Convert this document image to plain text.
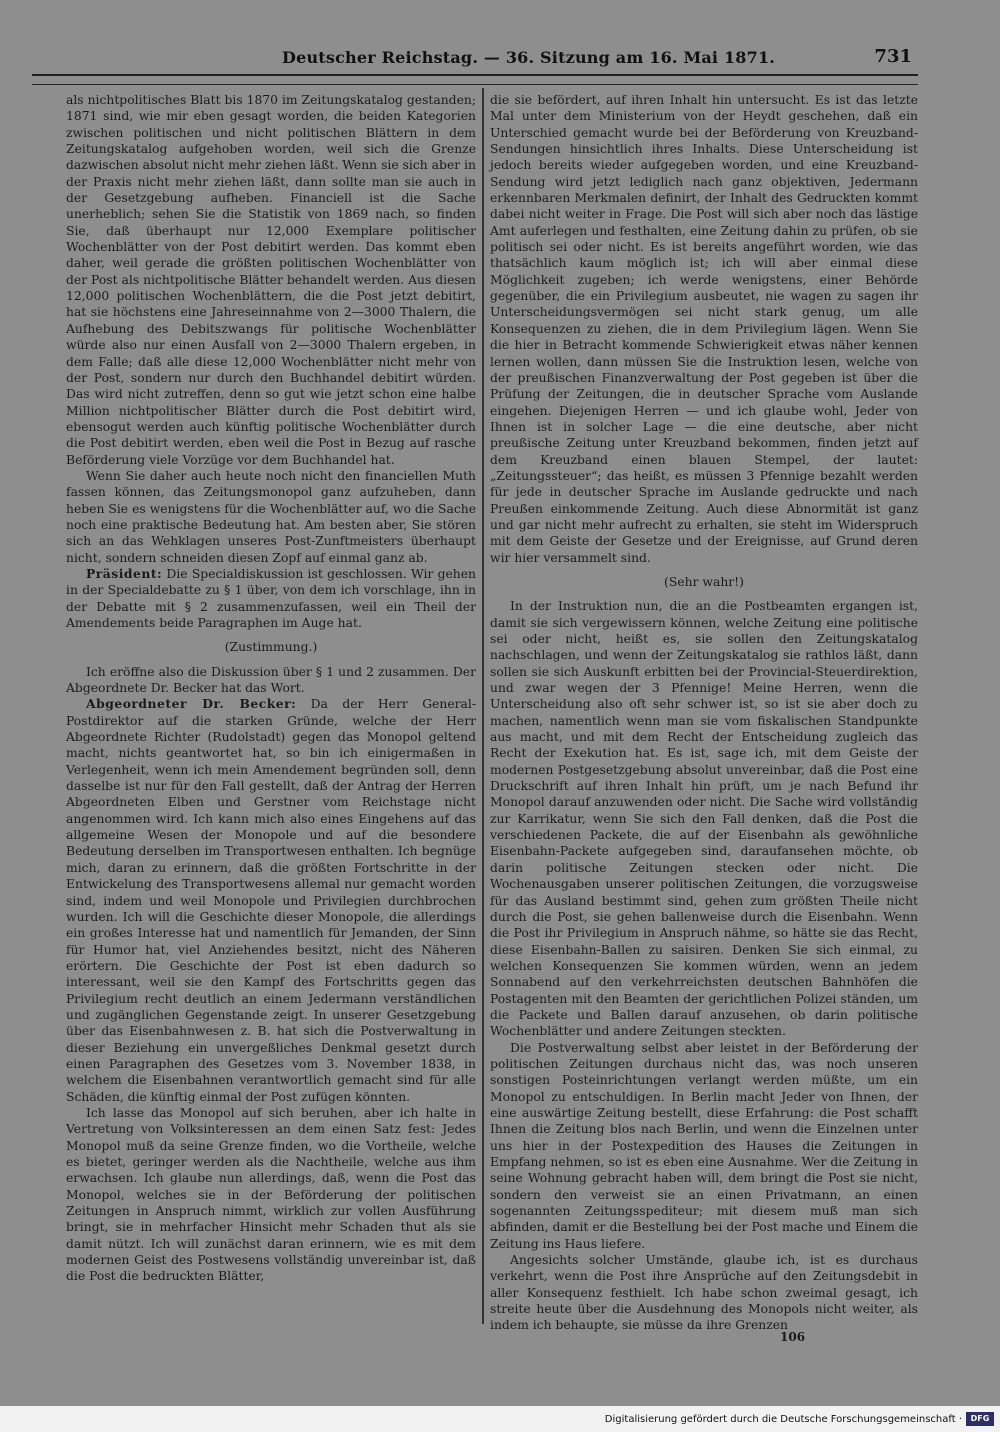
Deutscher Reichstag. — 36. Sitzung am 16. Mai 1871.	731

als nichtpolitisches Blatt bis 1870 im Zeitungskatalog gestanden; 1871 sind, wie mir eben gesagt worden, die beiden Kategorien zwischen politischen und nicht politischen Blättern in dem Zeitungskatalog aufgehoben worden, weil sich die Grenze dazwischen absolut nicht mehr ziehen läßt. Wenn sie sich aber in der Praxis nicht mehr ziehen läßt, dann sollte man sie auch in der Gesetzgebung aufheben. Financiell ist die Sache unerheblich; sehen Sie die Statistik von 1869 nach, so finden Sie, daß überhaupt nur 12,000 Exemplare politischer Wochenblätter von der Post debitirt werden. Das kommt eben daher, weil gerade die größten politischen Wochenblätter von der Post als nichtpolitische Blätter behandelt werden. Aus diesen 12,000 politischen Wochenblättern, die die Post jetzt debitirt, hat sie höchstens eine Jahreseinnahme von 2—3000 Thalern, die Aufhebung des Debitszwangs für politische Wochenblätter würde also nur einen Ausfall von 2—3000 Thalern ergeben, in dem Falle; daß alle diese 12,000 Wochenblätter nicht mehr von der Post, sondern nur durch den Buchhandel debitirt würden. Das wird nicht zutreffen, denn so gut wie jetzt schon eine halbe Million nichtpolitischer Blätter durch die Post debitirt wird, ebensogut werden auch künftig politische Wochenblätter durch die Post debitirt werden, eben weil die Post in Bezug auf rasche Beförderung viele Vorzüge vor dem Buchhandel hat.

Wenn Sie daher auch heute noch nicht den financiellen Muth fassen können, das Zeitungsmonopol ganz aufzuheben, dann heben Sie es wenigstens für die Wochenblätter auf, wo die Sache noch eine praktische Bedeutung hat. Am besten aber, Sie stören sich an das Wehklagen unseres Post-Zunftmeisters überhaupt nicht, sondern schneiden diesen Zopf auf einmal ganz ab.

Präsident: Die Specialdiskussion ist geschlossen. Wir gehen in der Specialdebatte zu § 1 über, von dem ich vorschlage, ihn in der Debatte mit § 2 zusammenzufassen, weil ein Theil der Amendements beide Paragraphen im Auge hat.

(Zustimmung.)

Ich eröffne also die Diskussion über § 1 und 2 zusammen. Der Abgeordnete Dr. Becker hat das Wort.

Abgeordneter Dr. Becker: Da der Herr General-Postdirektor auf die starken Gründe, welche der Herr Abgeordnete Richter (Rudolstadt) gegen das Monopol geltend macht, nichts geantwortet hat, so bin ich einigermaßen in Verlegenheit, wenn ich mein Amendement begründen soll, denn dasselbe ist nur für den Fall gestellt, daß der Antrag der Herren Abgeordneten Elben und Gerstner vom Reichstage nicht angenommen wird. Ich kann mich also eines Eingehens auf das allgemeine Wesen der Monopole und auf die besondere Bedeutung derselben im Transportwesen enthalten. Ich begnüge mich, daran zu erinnern, daß die größten Fortschritte in der Entwickelung des Transportwesens allemal nur gemacht worden sind, indem und weil Monopole und Privilegien durchbrochen wurden. Ich will die Geschichte dieser Monopole, die allerdings ein großes Interesse hat und namentlich für Jemanden, der Sinn für Humor hat, viel Anziehendes besitzt, nicht des Näheren erörtern. Die Geschichte der Post ist eben dadurch so interessant, weil sie den Kampf des Fortschritts gegen das Privilegium recht deutlich an einem Jedermann verständlichen und zugänglichen Gegenstande zeigt. In unserer Gesetzgebung über das Eisenbahnwesen z. B. hat sich die Postverwaltung in dieser Beziehung ein unvergeßliches Denkmal gesetzt durch einen Paragraphen des Gesetzes vom 3. November 1838, in welchem die Eisenbahnen verantwortlich gemacht sind für alle Schäden, die künftig einmal der Post zufügen könnten.

Ich lasse das Monopol auf sich beruhen, aber ich halte in Vertretung von Volksinteressen an dem einen Satz fest: Jedes Monopol muß da seine Grenze finden, wo die Vortheile, welche es bietet, geringer werden als die Nachtheile, welche aus ihm erwachsen. Ich glaube nun allerdings, daß, wenn die Post das Monopol, welches sie in der Beförderung der politischen Zeitungen in Anspruch nimmt, wirklich zur vollen Ausführung bringt, sie in mehrfacher Hinsicht mehr Schaden thut als sie damit nützt. Ich will zunächst daran erinnern, wie es mit dem modernen Geist des Postwesens vollständig unvereinbar ist, daß die Post die bedruckten Blätter,

die sie befördert, auf ihren Inhalt hin untersucht. Es ist das letzte Mal unter dem Ministerium von der Heydt geschehen, daß ein Unterschied gemacht wurde bei der Beförderung von Kreuzband-Sendungen hinsichtlich ihres Inhalts. Diese Unterscheidung ist jedoch bereits wieder aufgegeben worden, und eine Kreuzband-Sendung wird jetzt lediglich nach ganz objektiven, Jedermann erkennbaren Merkmalen definirt, der Inhalt des Gedruckten kommt dabei nicht weiter in Frage. Die Post will sich aber noch das lästige Amt auferlegen und festhalten, eine Zeitung dahin zu prüfen, ob sie politisch sei oder nicht. Es ist bereits angeführt worden, wie das thatsächlich kaum möglich ist; ich will aber einmal diese Möglichkeit zugeben; ich werde wenigstens, einer Behörde gegenüber, die ein Privilegium ausbeutet, nie wagen zu sagen ihr Unterscheidungsvermögen sei nicht stark genug, um alle Konsequenzen zu ziehen, die in dem Privilegium lägen. Wenn Sie die hier in Betracht kommende Schwierigkeit etwas näher kennen lernen wollen, dann müssen Sie die Instruktion lesen, welche von der preußischen Finanzverwaltung der Post gegeben ist über die Prüfung der Zeitungen, die in deutscher Sprache vom Auslande eingehen. Diejenigen Herren — und ich glaube wohl, Jeder von Ihnen ist in solcher Lage — die eine deutsche, aber nicht preußische Zeitung unter Kreuzband bekommen, finden jetzt auf dem Kreuzband einen blauen Stempel, der lautet: „Zeitungssteuer“; das heißt, es müssen 3 Pfennige bezahlt werden für jede in deutscher Sprache im Auslande gedruckte und nach Preußen einkommende Zeitung. Auch diese Abnormität ist ganz und gar nicht mehr aufrecht zu erhalten, sie steht im Widerspruch mit dem Geiste der Gesetze und der Ereignisse, auf Grund deren wir hier versammelt sind.

(Sehr wahr!)

In der Instruktion nun, die an die Postbeamten ergangen ist, damit sie sich vergewissern können, welche Zeitung eine politische sei oder nicht, heißt es, sie sollen den Zeitungskatalog nachschlagen, und wenn der Zeitungskatalog sie rathlos läßt, dann sollen sie sich Auskunft erbitten bei der Provincial-Steuerdirektion, und zwar wegen der 3 Pfennige! Meine Herren, wenn die Unterscheidung also oft sehr schwer ist, so ist sie aber doch zu machen, namentlich wenn man sie vom fiskalischen Standpunkte aus macht, und mit dem Recht der Entscheidung zugleich das Recht der Exekution hat. Es ist, sage ich, mit dem Geiste der modernen Postgesetzgebung absolut unvereinbar, daß die Post eine Druckschrift auf ihren Inhalt hin prüft, um je nach Befund ihr Monopol darauf anzuwenden oder nicht. Die Sache wird vollständig zur Karrikatur, wenn Sie sich den Fall denken, daß die Post die verschiedenen Packete, die auf der Eisenbahn als gewöhnliche Eisenbahn-Packete aufgegeben sind, daraufansehen möchte, ob darin politische Zeitungen stecken oder nicht. Die Wochenausgaben unserer politischen Zeitungen, die vorzugsweise für das Ausland bestimmt sind, gehen zum größten Theile nicht durch die Post, sie gehen ballenweise durch die Eisenbahn. Wenn die Post ihr Privilegium in Anspruch nähme, so hätte sie das Recht, diese Eisenbahn-Ballen zu saisiren. Denken Sie sich einmal, zu welchen Konsequenzen Sie kommen würden, wenn an jedem Sonnabend auf den verkehrreichsten deutschen Bahnhöfen die Postagenten mit den Beamten der gerichtlichen Polizei ständen, um die Packete und Ballen darauf anzusehen, ob darin politische Wochenblätter und andere Zeitungen steckten.

Die Postverwaltung selbst aber leistet in der Beförderung der politischen Zeitungen durchaus nicht das, was noch unseren sonstigen Posteinrichtungen verlangt werden müßte, um ein Monopol zu entschuldigen. In Berlin macht Jeder von Ihnen, der eine auswärtige Zeitung bestellt, diese Erfahrung: die Post schafft Ihnen die Zeitung blos nach Berlin, und wenn die Einzelnen unter uns hier in der Postexpedition des Hauses die Zeitungen in Empfang nehmen, so ist es eben eine Ausnahme. Wer die Zeitung in seine Wohnung gebracht haben will, dem bringt die Post sie nicht, sondern den verweist sie an einen Privatmann, an einen sogenannten Zeitungsspediteur; mit diesem muß man sich abfinden, damit er die Bestellung bei der Post mache und Einem die Zeitung ins Haus liefere.

Angesichts solcher Umstände, glaube ich, ist es durchaus verkehrt, wenn die Post ihre Ansprüche auf den Zeitungsdebit in aller Konsequenz festhielt. Ich habe schon zweimal gesagt, ich streite heute über die Ausdehnung des Monopols nicht weiter, als indem ich behaupte, sie müsse da ihre Grenzen

106
Digitalisierung gefördert durch die Deutsche Forschungsgemeinschaft ·	DFG
